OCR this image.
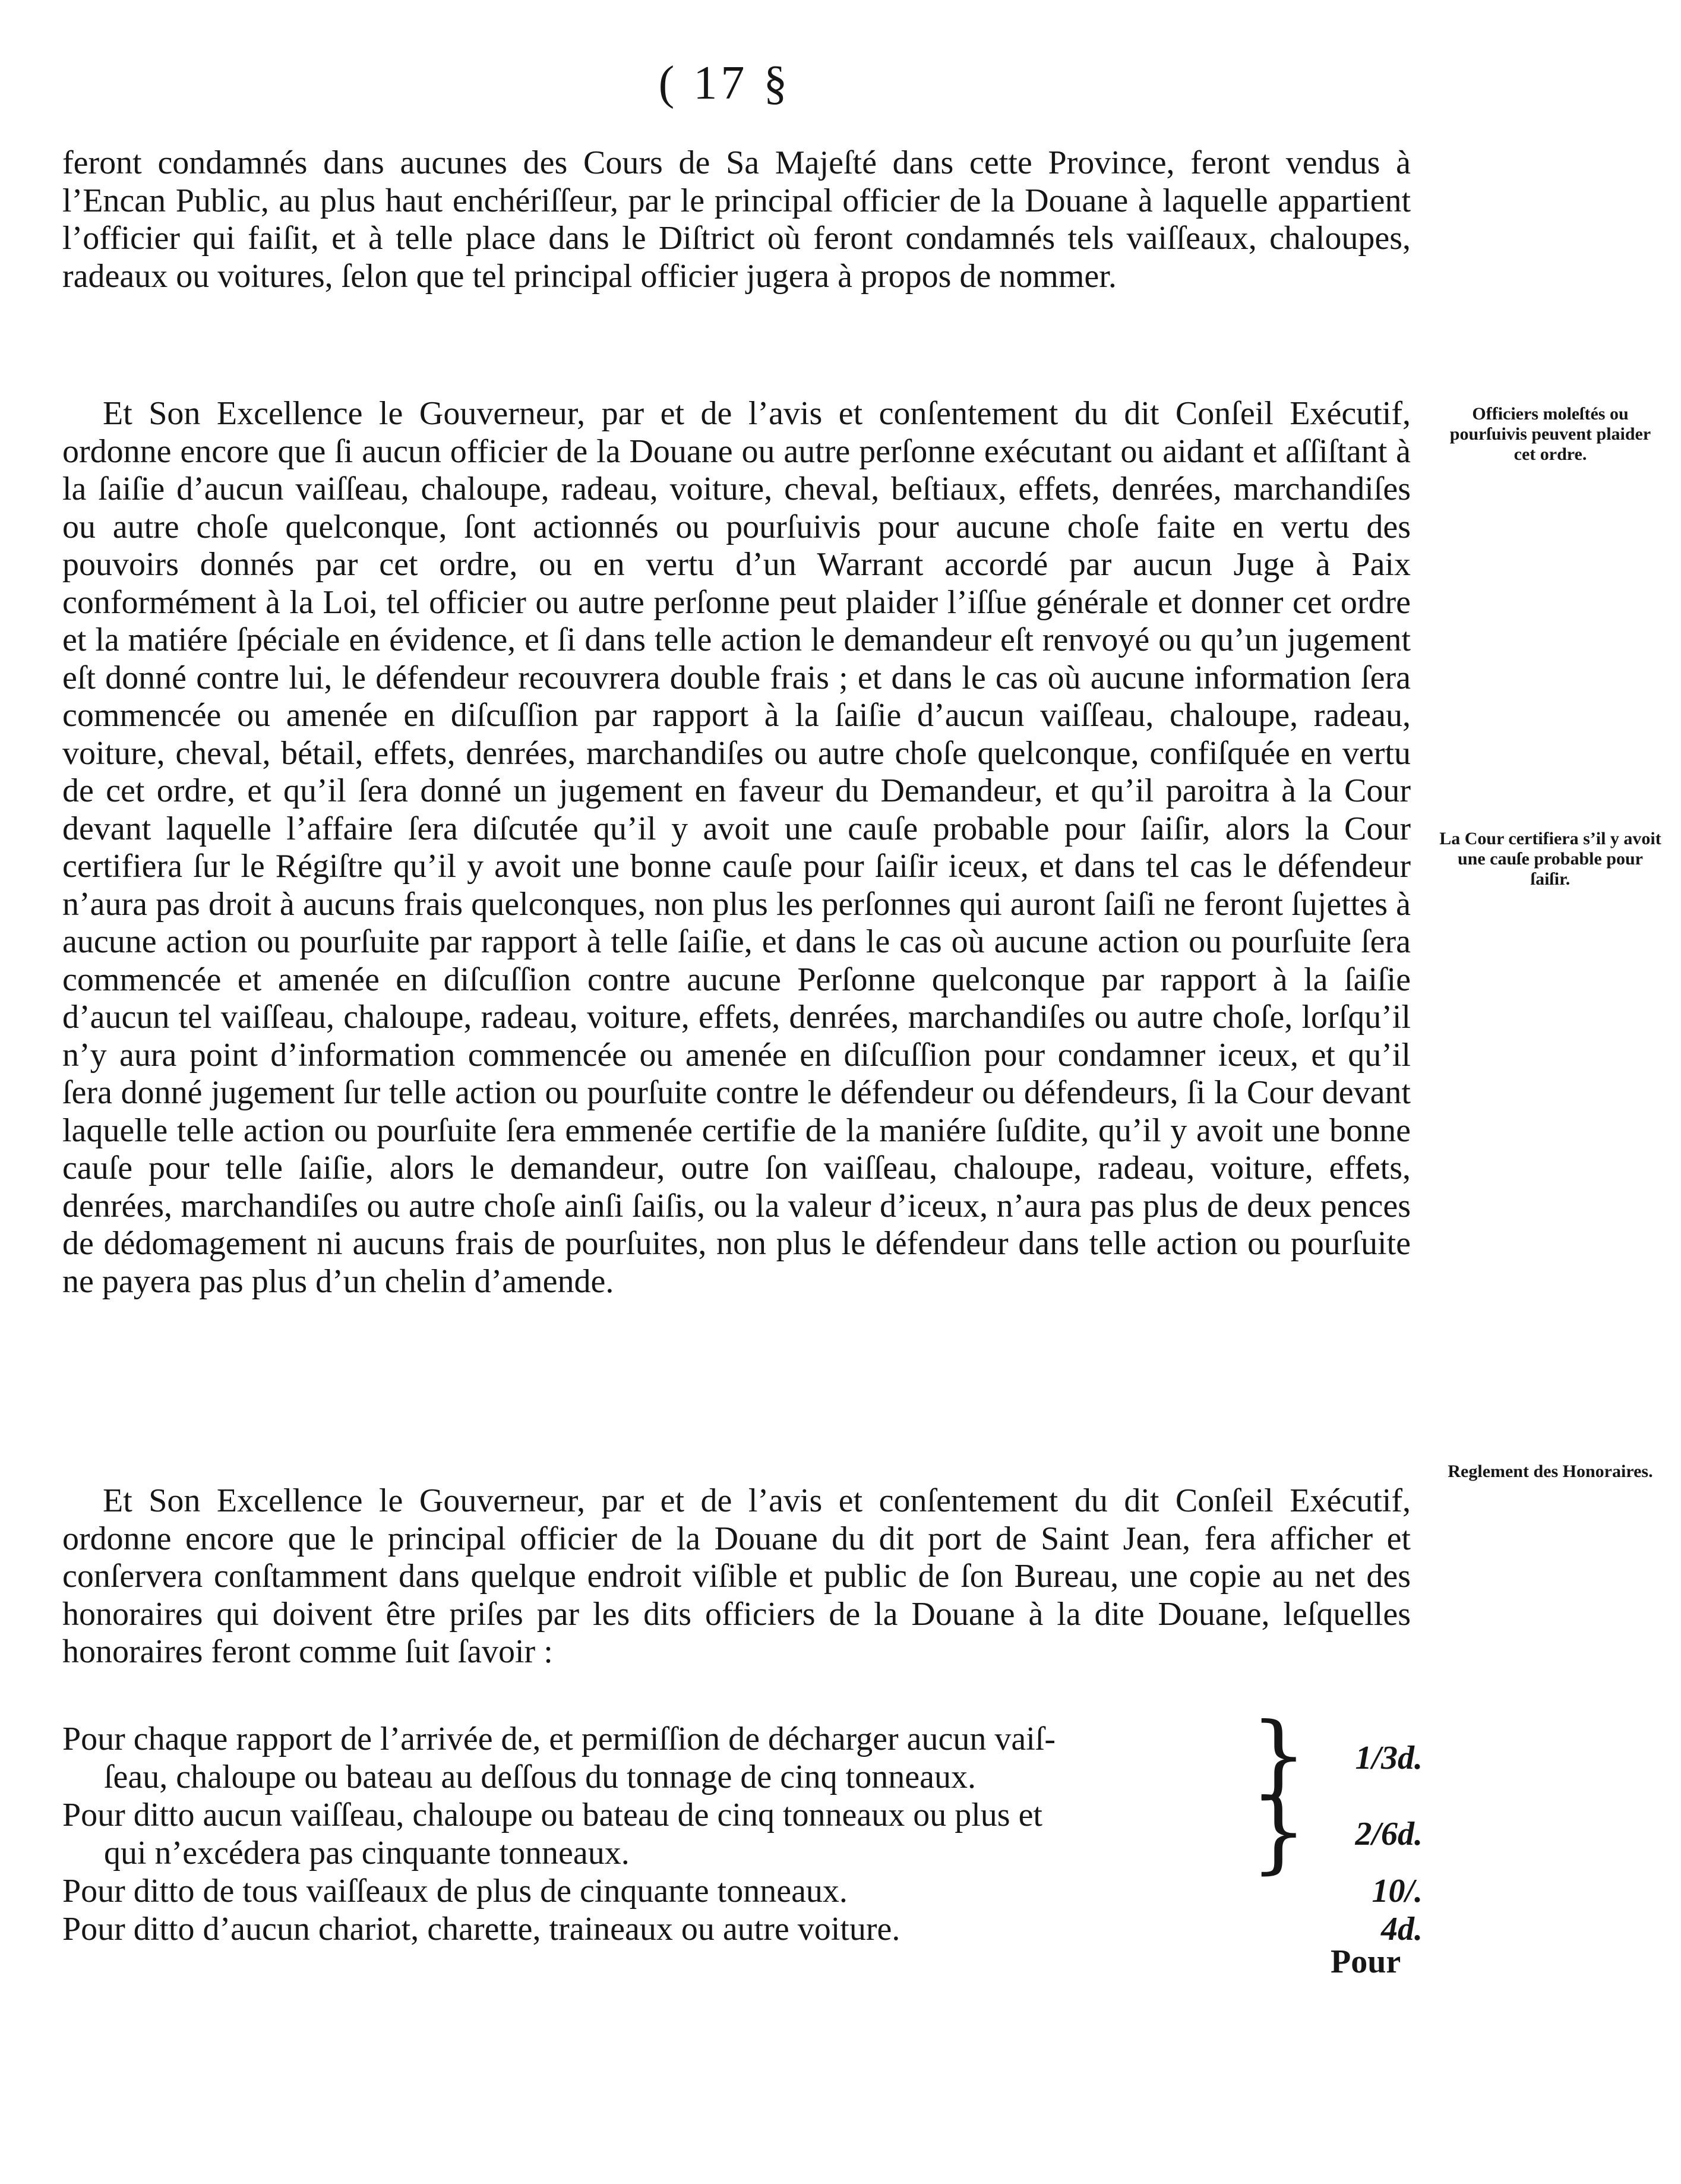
( 17 §

feront condamnés dans aucunes des Cours de Sa Majeſté dans cette Province, feront vendus à l’Encan Public, au plus haut enchériſſeur, par le principal officier de la Douane à laquelle appartient l’officier qui faiſit, et à telle place dans le Diſtrict où feront condamnés tels vaiſſeaux, chaloupes, radeaux ou voitures, ſelon que tel principal officier jugera à propos de nommer.

Et Son Excellence le Gouverneur, par et de l’avis et conſentement du dit Conſeil Exécutif, ordonne encore que ſi aucun officier de la Douane ou autre perſonne exécutant ou aidant et aſſiſtant à la ſaiſie d’aucun vaiſſeau, chaloupe, radeau, voiture, cheval, beſtiaux, effets, denrées, marchandiſes ou autre choſe quelconque, ſont actionnés ou pourſuivis pour aucune choſe faite en vertu des pouvoirs donnés par cet ordre, ou en vertu d’un Warrant accordé par aucun Juge à Paix conformément à la Loi, tel officier ou autre perſonne peut plaider l’iſſue générale et donner cet ordre et la matiére ſpéciale en évidence, et ſi dans telle action le demandeur eſt renvoyé ou qu’un jugement eſt donné contre lui, le défendeur recouvrera double frais ; et dans le cas où aucune information ſera commencée ou amenée en diſcuſſion par rapport à la ſaiſie d’aucun vaiſſeau, chaloupe, radeau, voiture, cheval, bétail, effets, denrées, marchandiſes ou autre choſe quelconque, confiſquée en vertu de cet ordre, et qu’il ſera donné un jugement en faveur du Demandeur, et qu’il paroitra à la Cour devant laquelle l’affaire ſera diſcutée qu’il y avoit une cauſe probable pour ſaiſir, alors la Cour certifiera ſur le Régiſtre qu’il y avoit une bonne cauſe pour ſaiſir iceux, et dans tel cas le défendeur n’aura pas droit à aucuns frais quelconques, non plus les perſonnes qui auront ſaiſi ne feront ſujettes à aucune action ou pourſuite par rapport à telle ſaiſie, et dans le cas où aucune action ou pourſuite ſera commencée et amenée en diſcuſſion contre aucune Perſonne quelconque par rapport à la ſaiſie d’aucun tel vaiſſeau, chaloupe, radeau, voiture, effets, denrées, marchandiſes ou autre choſe, lorſqu’il n’y aura point d’information commencée ou amenée en diſcuſſion pour condamner iceux, et qu’il ſera donné jugement ſur telle action ou pourſuite contre le défendeur ou défendeurs, ſi la Cour devant laquelle telle action ou pourſuite ſera emmenée certifie de la maniére ſuſdite, qu’il y avoit une bonne cauſe pour telle ſaiſie, alors le demandeur, outre ſon vaiſſeau, chaloupe, radeau, voiture, effets, denrées, marchandiſes ou autre choſe ainſi ſaiſis, ou la valeur d’iceux, n’aura pas plus de deux pences de dédomagement ni aucuns frais de pourſuites, non plus le défendeur dans telle action ou pourſuite ne payera pas plus d’un chelin d’amende.

Et Son Excellence le Gouverneur, par et de l’avis et conſentement du dit Conſeil Exécutif, ordonne encore que le principal officier de la Douane du dit port de Saint Jean, fera afficher et conſervera conſtamment dans quelque endroit viſible et public de ſon Bureau, une copie au net des honoraires qui doivent être priſes par les dits officiers de la Douane à la dite Douane, leſquelles honoraires feront comme ſuit ſavoir :

Officiers moleſtés ou pourſuivis peuvent plaider cet ordre.

La Cour certifiera s’il y avoit une cauſe probable pour ſaiſir.

Reglement des Honoraires.

Pour chaque rapport de l’arrivée de, et permiſſion de décharger aucun vaiſ-
ſeau, chaloupe ou bateau au deſſous du tonnage de cinq tonneaux.	}	1/3d.
Pour ditto aucun vaiſſeau, chaloupe ou bateau de cinq tonneaux ou plus et
qui n’excédera pas cinquante tonneaux.	}	2/6d.
Pour ditto de tous vaiſſeaux de plus de cinquante tonneaux.	10/.
Pour ditto d’aucun chariot, charette, traineaux ou autre voiture.	4d.
Pour
